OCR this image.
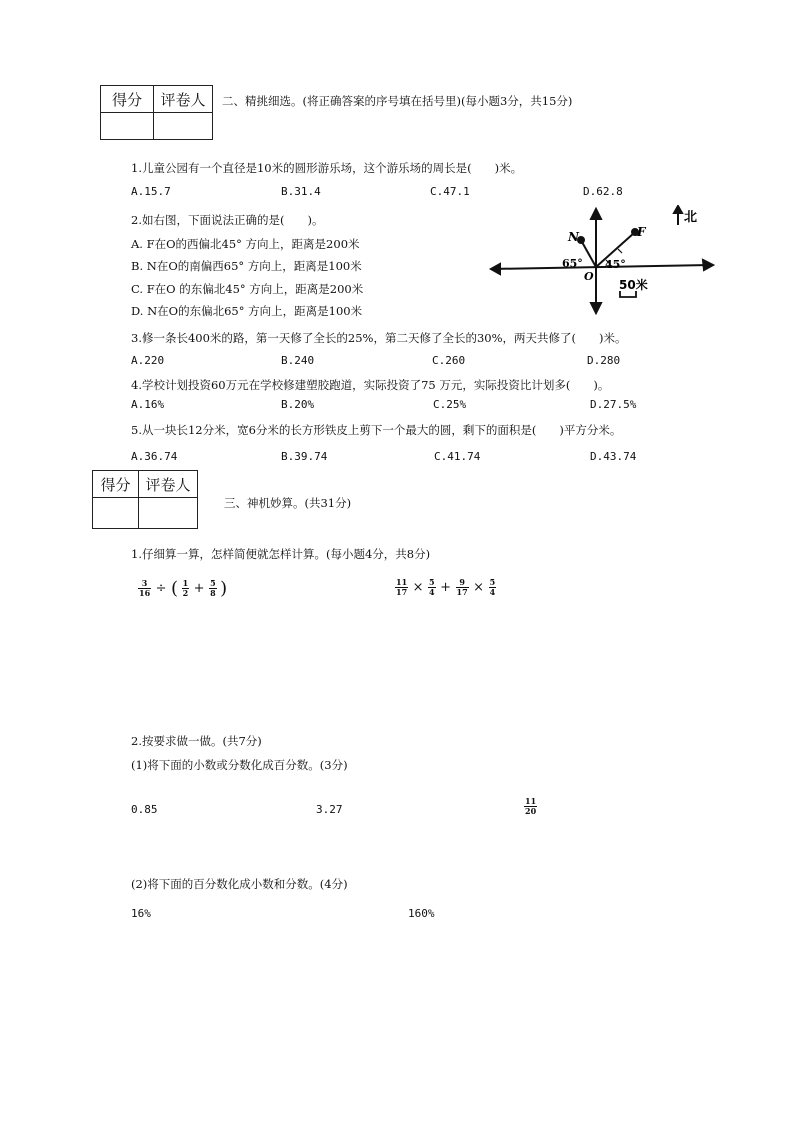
得分	评卷人
	二、精挑细选。(将正确答案的序号填在括号里)(每小题3分，共15分)
1.儿童公园有一个直径是10米的圆形游乐场，这个游乐场的周长是(　　)米。
A.15.7	B.31.4	C.47.1	D.62.8
2.如右图，下面说法正确的是(　　)。
A. F在O的西偏北45° 方向上，距离是200米
B. N在O的南偏西65° 方向上，距离是100米
C. F在O 的东偏北45° 方向上，距离是200米
D. N在O的东偏北65° 方向上，距离是100米
北
N	F
O
65° 45°
50米
3.修一条长400米的路，第一天修了全长的25%，第二天修了全长的30%，两天共修了(　　)米。
A.220	B.240	C.260	D.280
4.学校计划投资60万元在学校修建塑胶跑道，实际投资了75 万元，实际投资比计划多(　　)。
A.16%	B.20%	C.25%	D.27.5%
5.从一块长12分米，宽6分米的长方形铁皮上剪下一个最大的圆，剩下的面积是(　　)平方分米。
A.36.74	B.39.74	C.41.74	D.43.74
得分	评卷人

三、神机妙算。(共31分)
1.仔细算一算，怎样简便就怎样计算。(每小题4分，共8分)
$\frac{3}{16}$ ÷ ( $\frac{1}{2} + \frac{5}{8}$ )	$\frac{11}{17} \times \frac{5}{4} + \frac{9}{17} \times \frac{5}{4}$
2.按要求做一做。(共7分)
(1)将下面的小数或分数化成百分数。(3分)
0.85	3.27	$\frac{11}{20}$
(2)将下面的百分数化成小数和分数。(4分)
16%	160%
